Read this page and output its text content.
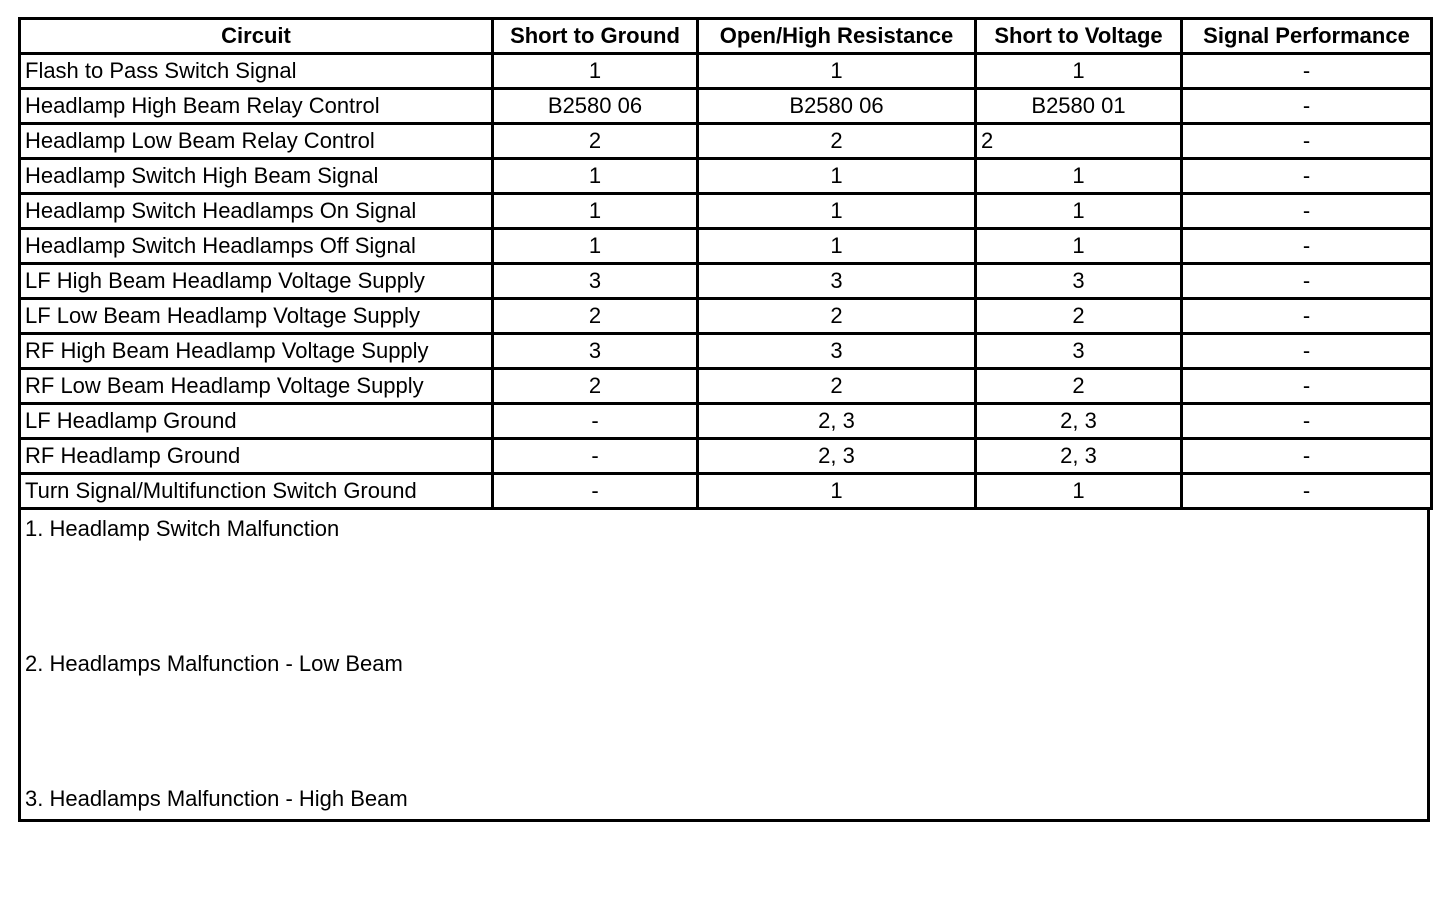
Circuit	Short to Ground	Open/High Resistance	Short to Voltage	Signal Performance
Flash to Pass Switch Signal	1	1	1	-
Headlamp High Beam Relay Control	B2580 06	B2580 06	B2580 01	-
Headlamp Low Beam Relay Control	2	2	2	-
Headlamp Switch High Beam Signal	1	1	1	-
Headlamp Switch Headlamps On Signal	1	1	1	-
Headlamp Switch Headlamps Off Signal	1	1	1	-
LF High Beam Headlamp Voltage Supply	3	3	3	-
LF Low Beam Headlamp Voltage Supply	2	2	2	-
RF High Beam Headlamp Voltage Supply	3	3	3	-
RF Low Beam Headlamp Voltage Supply	2	2	2	-
LF Headlamp Ground	-	2, 3	2, 3	-
RF Headlamp Ground	-	2, 3	2, 3	-
Turn Signal/Multifunction Switch Ground	-	1	1	-
1. Headlamp Switch Malfunction
2. Headlamps Malfunction - Low Beam
3. Headlamps Malfunction - High Beam
